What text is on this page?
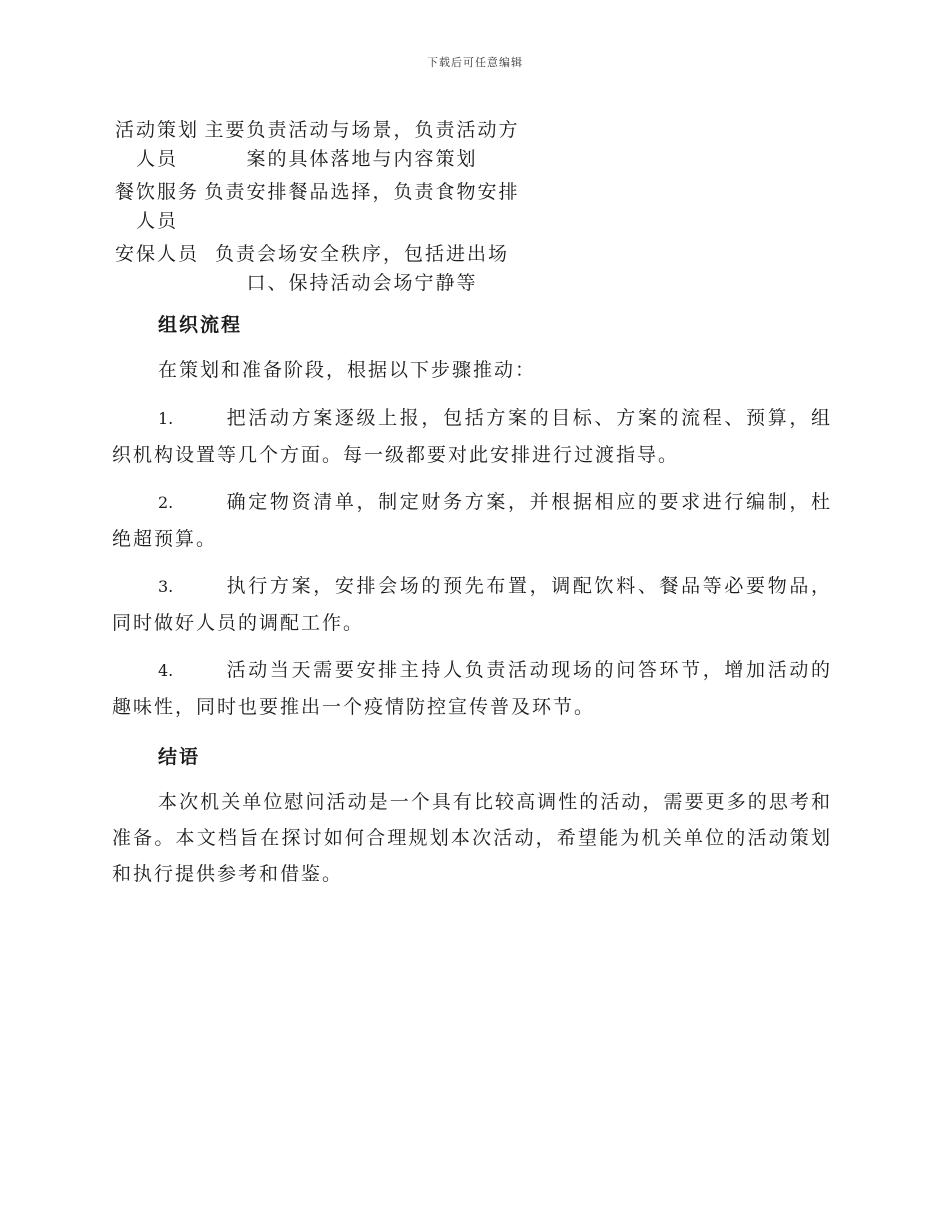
下载后可任意编辑
活动策划人员	主要负责活动与场景，负责活动方案的具体落地与内容策划
餐饮服务人员	负责安排餐品选择，负责食物安排
安保人员	负责会场安全秩序，包括进出场口、保持活动会场宁静等
组织流程
在策划和准备阶段，根据以下步骤推动：
1.	把活动方案逐级上报，包括方案的目标、方案的流程、预算，组织机构设置等几个方面。每一级都要对此安排进行过渡指导。
2.	确定物资清单，制定财务方案，并根据相应的要求进行编制，杜绝超预算。
3.	执行方案，安排会场的预先布置，调配饮料、餐品等必要物品，同时做好人员的调配工作。
4.	活动当天需要安排主持人负责活动现场的问答环节，增加活动的趣味性，同时也要推出一个疫情防控宣传普及环节。
结语
本次机关单位慰问活动是一个具有比较高调性的活动，需要更多的思考和准备。本文档旨在探讨如何合理规划本次活动，希望能为机关单位的活动策划和执行提供参考和借鉴。
